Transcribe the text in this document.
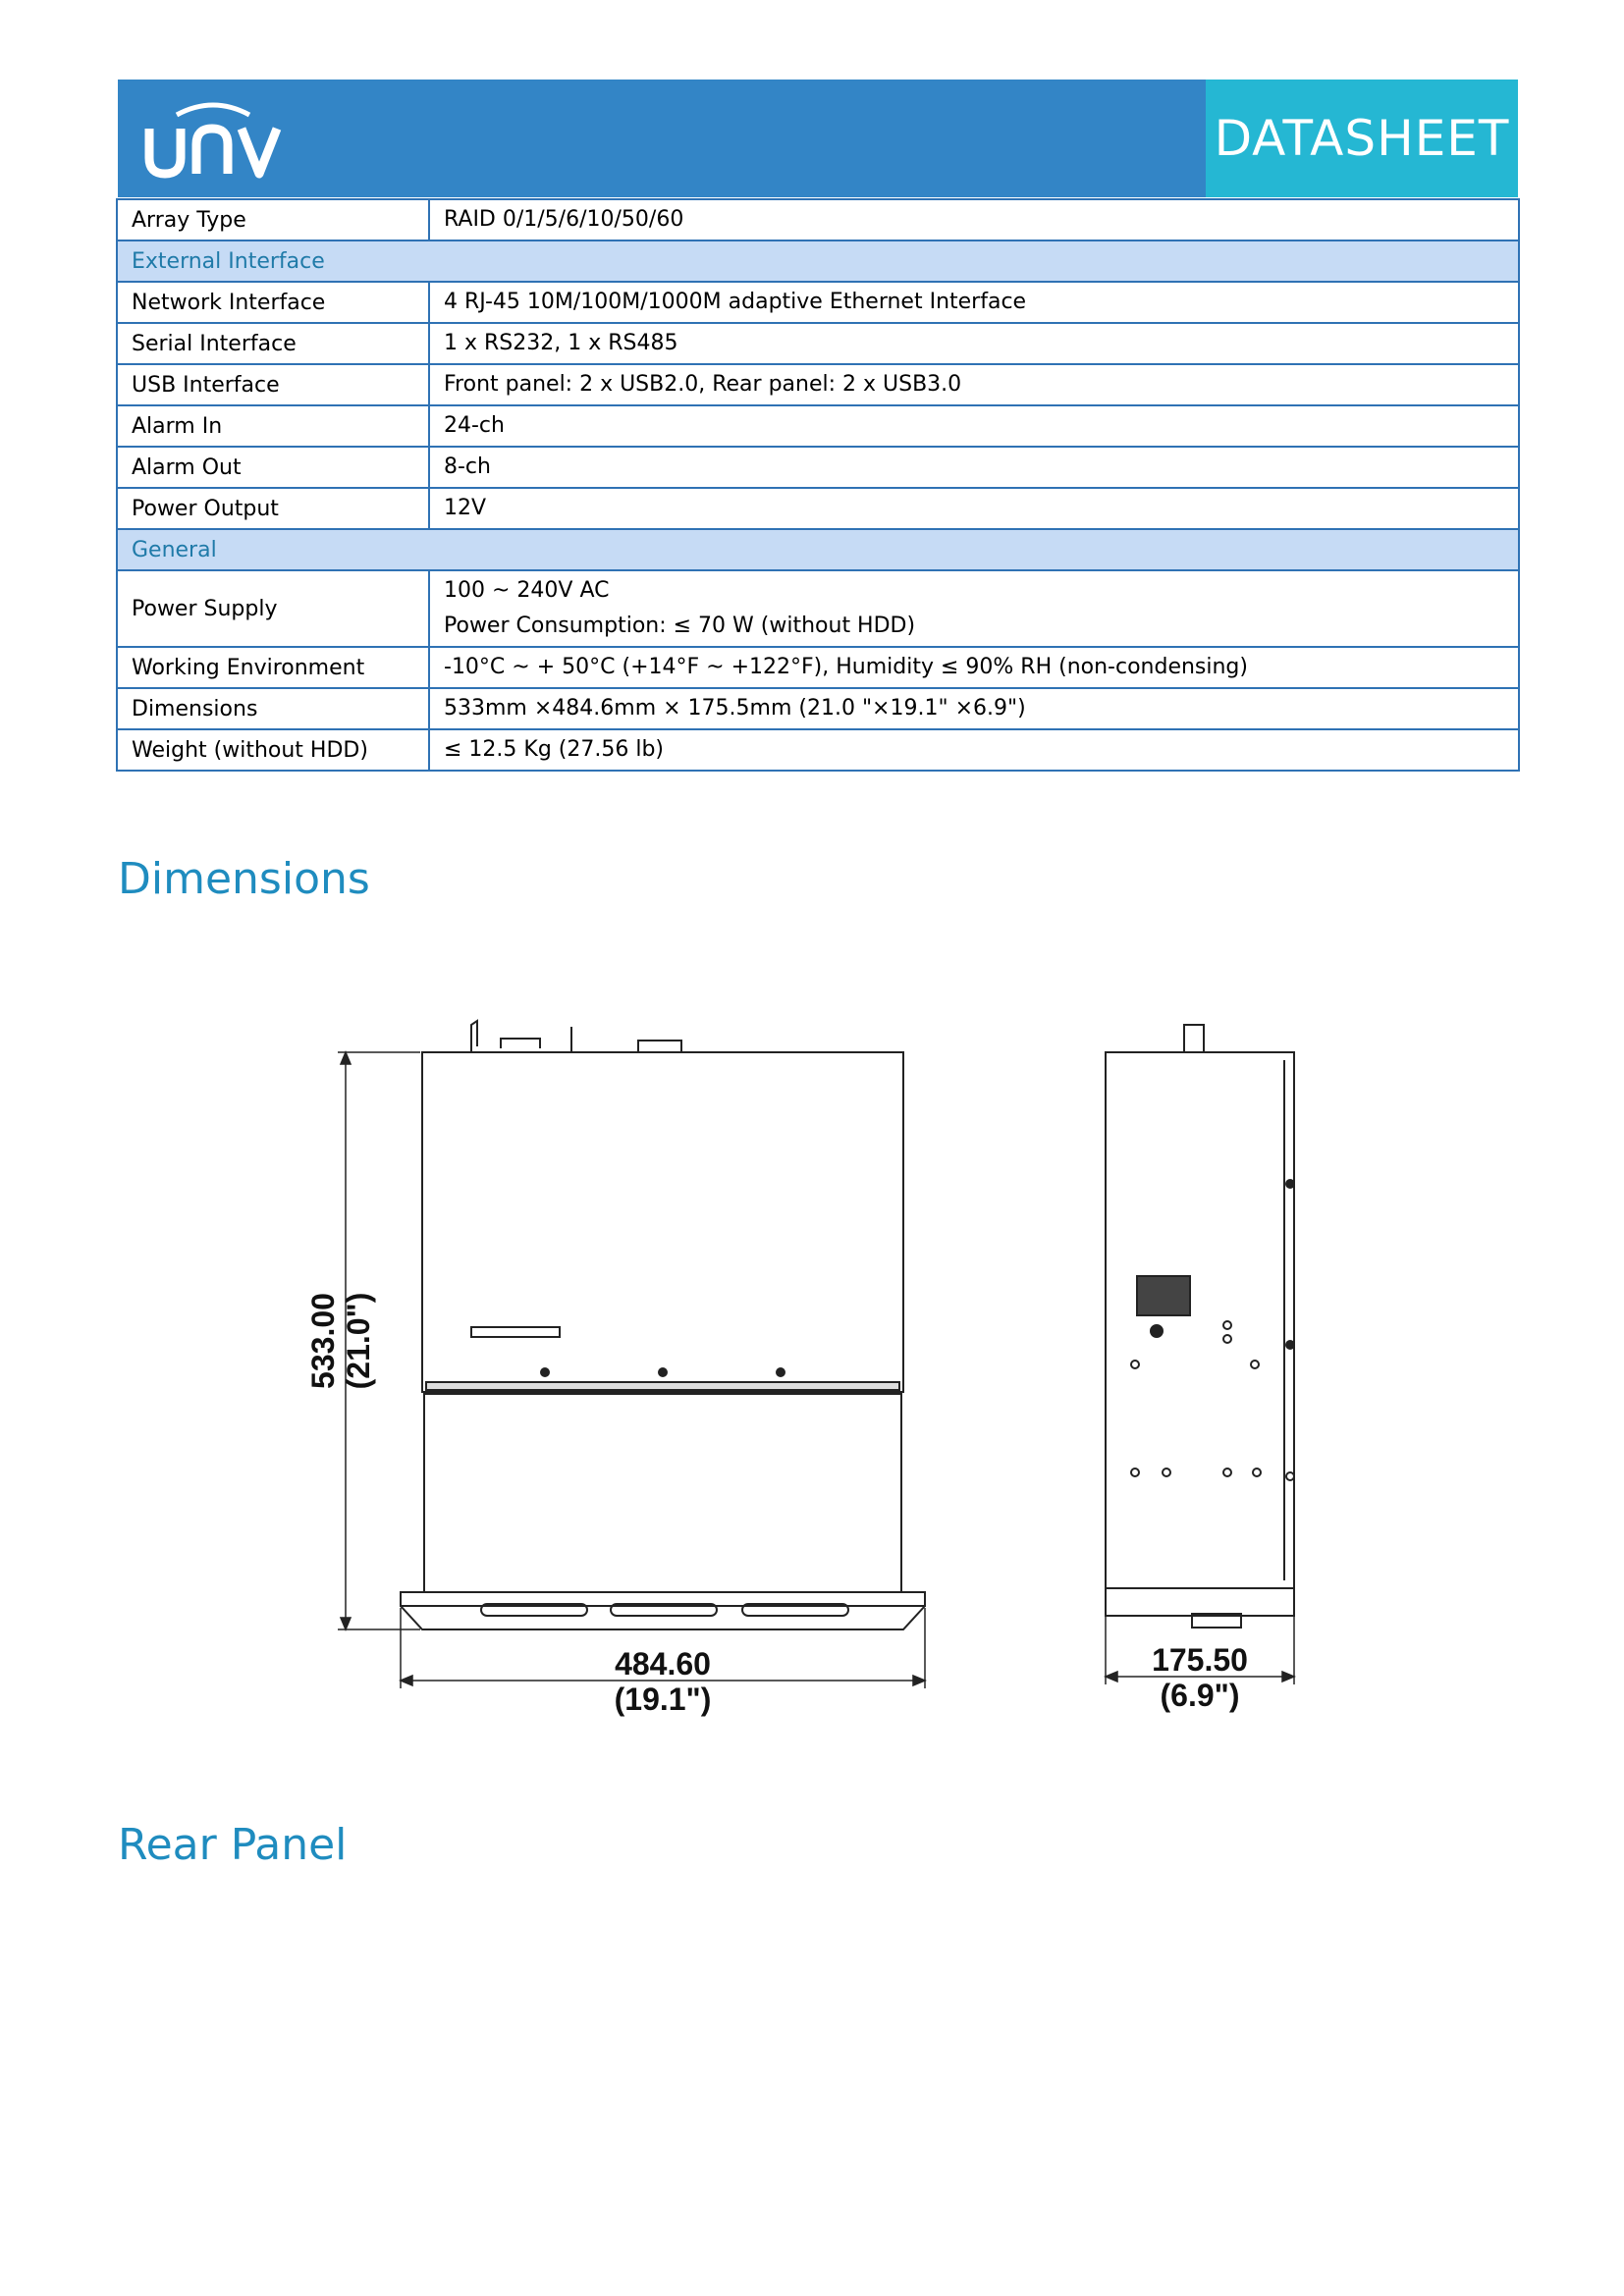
DATASHEET
Array Type	RAID 0/1/5/6/10/50/60

External Interface	
Network Interface	4 RJ-45 10M/100M/1000M adaptive Ethernet Interface

Serial Interface	1 x RS232, 1 x RS485

USB Interface	Front panel: 2 x USB2.0, Rear panel: 2 x USB3.0

Alarm In	24-ch

Alarm Out	8-ch

Power Output	12V

General	
Power Supply	100 ~ 240V AC
Power Consumption: ≤ 70 W (without HDD)

Working Environment	-10°C ~ + 50°C (+14°F ~ +122°F), Humidity ≤ 90% RH (non-condensing)

Dimensions	533mm ×484.6mm × 175.5mm (21.0 "×19.1" ×6.9")

Weight (without HDD)	≤ 12.5 Kg (27.56 lb)
Dimensions
533.00 (21.0")
484.60
(19.1")
175.50
(6.9")
Rear Panel
